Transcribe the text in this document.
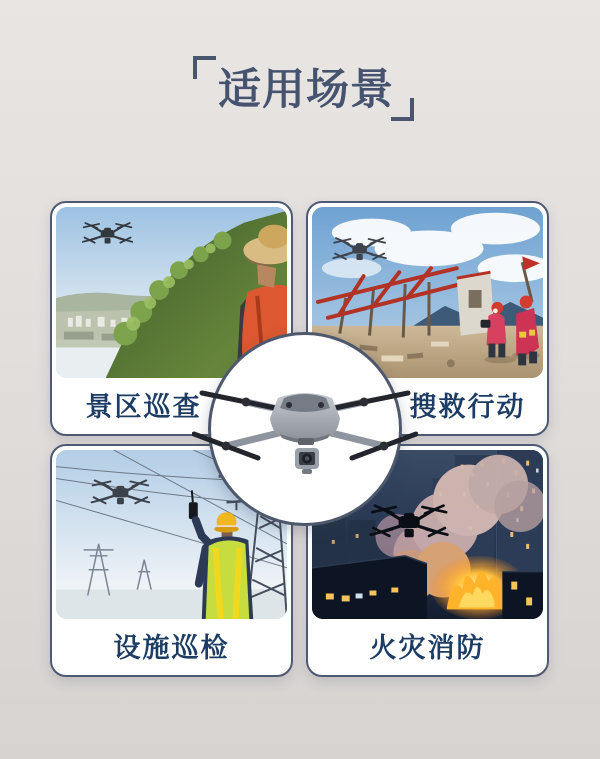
适用场景
景区巡查	搜救行动
设施巡检	火灾消防
